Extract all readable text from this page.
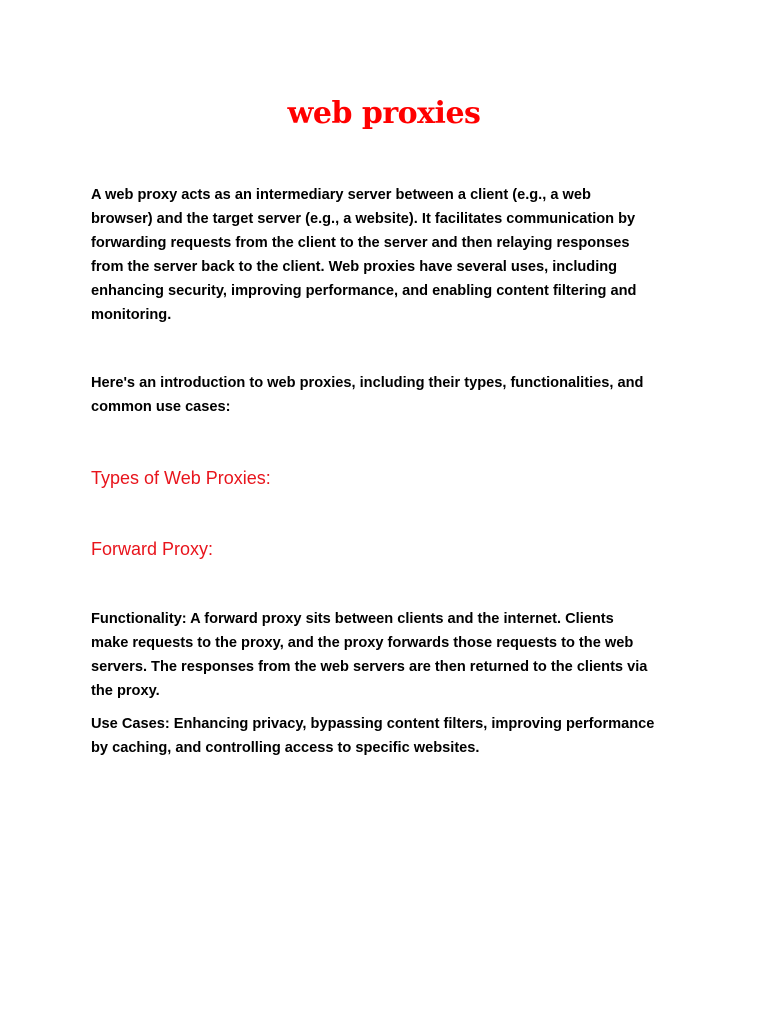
web proxies

A web proxy acts as an intermediary server between a client (e.g., a web
browser) and the target server (e.g., a website). It facilitates communication by
forwarding requests from the client to the server and then relaying responses
from the server back to the client. Web proxies have several uses, including
enhancing security, improving performance, and enabling content filtering and
monitoring.

Here's an introduction to web proxies, including their types, functionalities, and
common use cases:

Types of Web Proxies:
Forward Proxy:

Functionality: A forward proxy sits between clients and the internet. Clients
make requests to the proxy, and the proxy forwards those requests to the web
servers. The responses from the web servers are then returned to the clients via
the proxy.

Use Cases: Enhancing privacy, bypassing content filters, improving performance
by caching, and controlling access to specific websites.
